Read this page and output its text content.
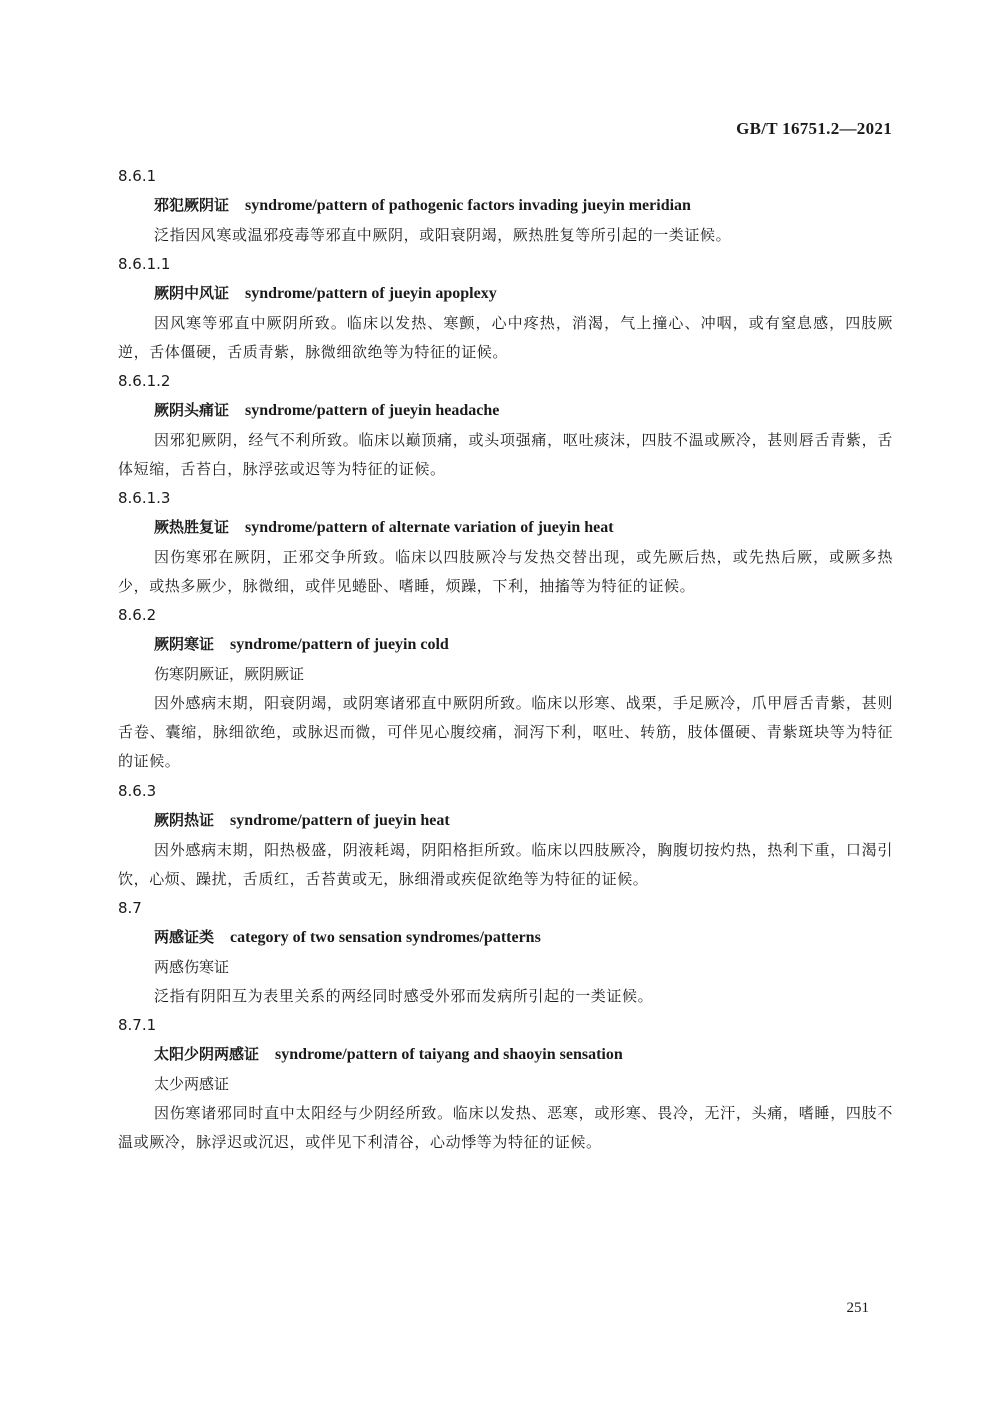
GB/T 16751.2—2021
8.6.1
邪犯厥阴证 syndrome/pattern of pathogenic factors invading jueyin meridian
泛指因风寒或温邪疫毒等邪直中厥阴，或阳衰阴竭，厥热胜复等所引起的一类证候。
8.6.1.1
厥阴中风证 syndrome/pattern of jueyin apoplexy
因风寒等邪直中厥阴所致。临床以发热、寒颤，心中疼热，消渴，气上撞心、冲咽，或有窒息感，四肢厥逆，舌体僵硬，舌质青紫，脉微细欲绝等为特征的证候。
8.6.1.2
厥阴头痛证 syndrome/pattern of jueyin headache
因邪犯厥阴，经气不利所致。临床以巅顶痛，或头项强痛，呕吐痰沫，四肢不温或厥冷，甚则唇舌青紫，舌体短缩，舌苔白，脉浮弦或迟等为特征的证候。
8.6.1.3
厥热胜复证 syndrome/pattern of alternate variation of jueyin heat
因伤寒邪在厥阴，正邪交争所致。临床以四肢厥冷与发热交替出现，或先厥后热，或先热后厥，或厥多热少，或热多厥少，脉微细，或伴见蜷卧、嗜睡，烦躁，下利，抽搐等为特征的证候。
8.6.2
厥阴寒证 syndrome/pattern of jueyin cold
伤寒阴厥证，厥阴厥证
因外感病末期，阳衰阴竭，或阴寒诸邪直中厥阴所致。临床以形寒、战栗，手足厥冷，爪甲唇舌青紫，甚则舌卷、囊缩，脉细欲绝，或脉迟而微，可伴见心腹绞痛，洞泻下利，呕吐、转筋，肢体僵硬、青紫斑块等为特征的证候。
8.6.3
厥阴热证 syndrome/pattern of jueyin heat
因外感病末期，阳热极盛，阴液耗竭，阴阳格拒所致。临床以四肢厥冷，胸腹切按灼热，热利下重，口渴引饮，心烦、躁扰，舌质红，舌苔黄或无，脉细滑或疾促欲绝等为特征的证候。
8.7
两感证类 category of two sensation syndromes/patterns
两感伤寒证
泛指有阴阳互为表里关系的两经同时感受外邪而发病所引起的一类证候。
8.7.1
太阳少阴两感证 syndrome/pattern of taiyang and shaoyin sensation
太少两感证
因伤寒诸邪同时直中太阳经与少阴经所致。临床以发热、恶寒，或形寒、畏冷，无汗，头痛，嗜睡，四肢不温或厥冷，脉浮迟或沉迟，或伴见下利清谷，心动悸等为特征的证候。
251
